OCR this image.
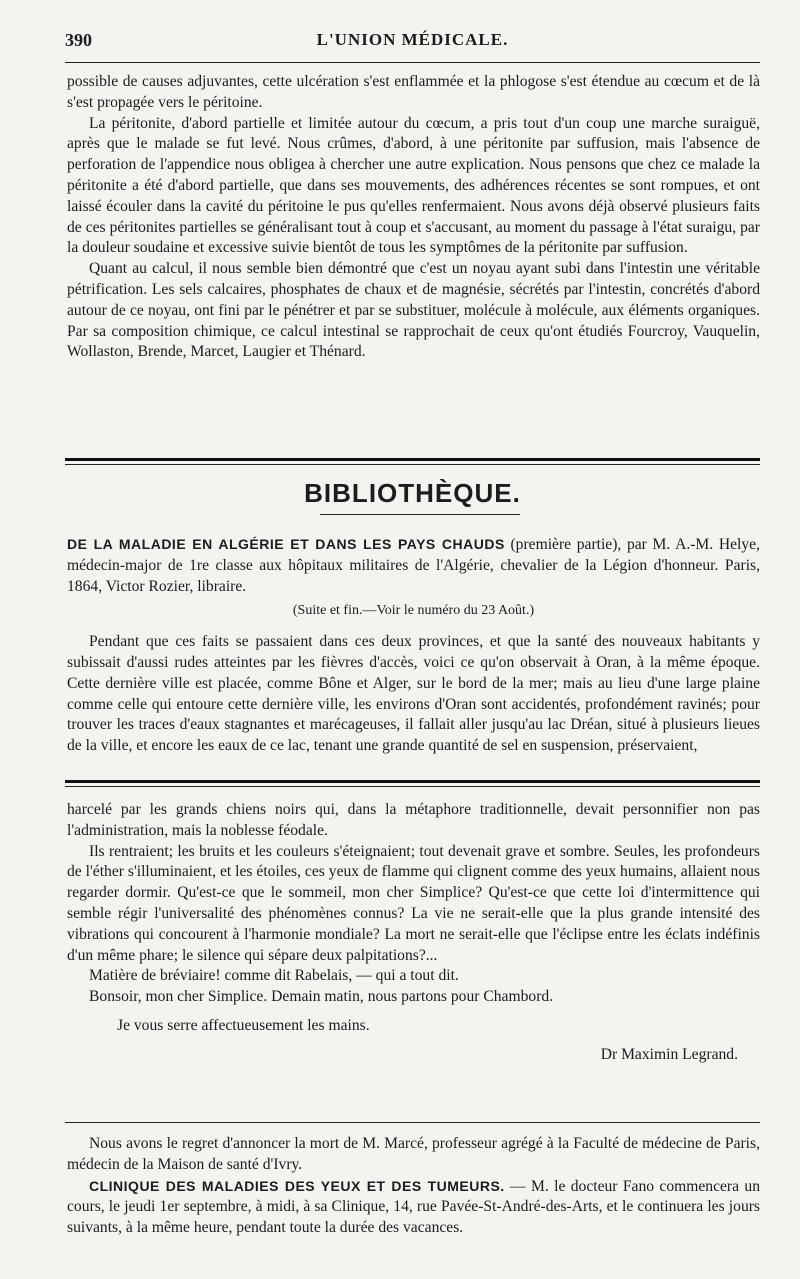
390	L'UNION MÉDICALE.

possible de causes adjuvantes, cette ulcération s'est enflammée et la phlogose s'est étendue au cœcum et de là s'est propagée vers le péritoine.

La péritonite, d'abord partielle et limitée autour du cœcum, a pris tout d'un coup une marche suraiguë, après que le malade se fut levé. Nous crûmes, d'abord, à une péritonite par suffusion, mais l'absence de perforation de l'appendice nous obligea à chercher une autre explication. Nous pensons que chez ce malade la péritonite a été d'abord partielle, que dans ses mouvements, des adhérences récentes se sont rompues, et ont laissé écouler dans la cavité du péritoine le pus qu'elles renfermaient. Nous avons déjà observé plusieurs faits de ces péritonites partielles se généralisant tout à coup et s'accusant, au moment du passage à l'état suraigu, par la douleur soudaine et excessive suivie bientôt de tous les symptômes de la péritonite par suffusion.

Quant au calcul, il nous semble bien démontré que c'est un noyau ayant subi dans l'intestin une véritable pétrification. Les sels calcaires, phosphates de chaux et de magnésie, sécrétés par l'intestin, concrétés d'abord autour de ce noyau, ont fini par le pénétrer et par se substituer, molécule à molécule, aux éléments organiques. Par sa composition chimique, ce calcul intestinal se rapprochait de ceux qu'ont étudiés Fourcroy, Vauquelin, Wollaston, Brende, Marcet, Laugier et Thénard.

BIBLIOTHÈQUE.

DE LA MALADIE EN ALGÉRIE ET DANS LES PAYS CHAUDS (première partie), par M. A.-M. Helye, médecin-major de 1re classe aux hôpitaux militaires de l'Algérie, chevalier de la Légion d'honneur. Paris, 1864, Victor Rozier, libraire.

(Suite et fin.—Voir le numéro du 23 Août.)

Pendant que ces faits se passaient dans ces deux provinces, et que la santé des nouveaux habitants y subissait d'aussi rudes atteintes par les fièvres d'accès, voici ce qu'on observait à Oran, à la même époque. Cette dernière ville est placée, comme Bône et Alger, sur le bord de la mer; mais au lieu d'une large plaine comme celle qui entoure cette dernière ville, les environs d'Oran sont accidentés, profondément ravinés; pour trouver les traces d'eaux stagnantes et marécageuses, il fallait aller jusqu'au lac Dréan, situé à plusieurs lieues de la ville, et encore les eaux de ce lac, tenant une grande quantité de sel en suspension, préservaient,

harcelé par les grands chiens noirs qui, dans la métaphore traditionnelle, devait personnifier non pas l'administration, mais la noblesse féodale.

Ils rentraient; les bruits et les couleurs s'éteignaient; tout devenait grave et sombre. Seules, les profondeurs de l'éther s'illuminaient, et les étoiles, ces yeux de flamme qui clignent comme des yeux humains, allaient nous regarder dormir. Qu'est-ce que le sommeil, mon cher Simplice? Qu'est-ce que cette loi d'intermittence qui semble régir l'universalité des phénomènes connus? La vie ne serait-elle que la plus grande intensité des vibrations qui concourent à l'harmonie mondiale? La mort ne serait-elle que l'éclipse entre les éclats indéfinis d'un même phare; le silence qui sépare deux palpitations?...

Matière de bréviaire! comme dit Rabelais, — qui a tout dit.

Bonsoir, mon cher Simplice. Demain matin, nous partons pour Chambord.

Je vous serre affectueusement les mains.

Dr Maximin Legrand.

Nous avons le regret d'annoncer la mort de M. Marcé, professeur agrégé à la Faculté de médecine de Paris, médecin de la Maison de santé d'Ivry.

CLINIQUE DES MALADIES DES YEUX ET DES TUMEURS. — M. le docteur Fano commencera un cours, le jeudi 1er septembre, à midi, à sa Clinique, 14, rue Pavée-St-André-des-Arts, et le continuera les jours suivants, à la même heure, pendant toute la durée des vacances.
